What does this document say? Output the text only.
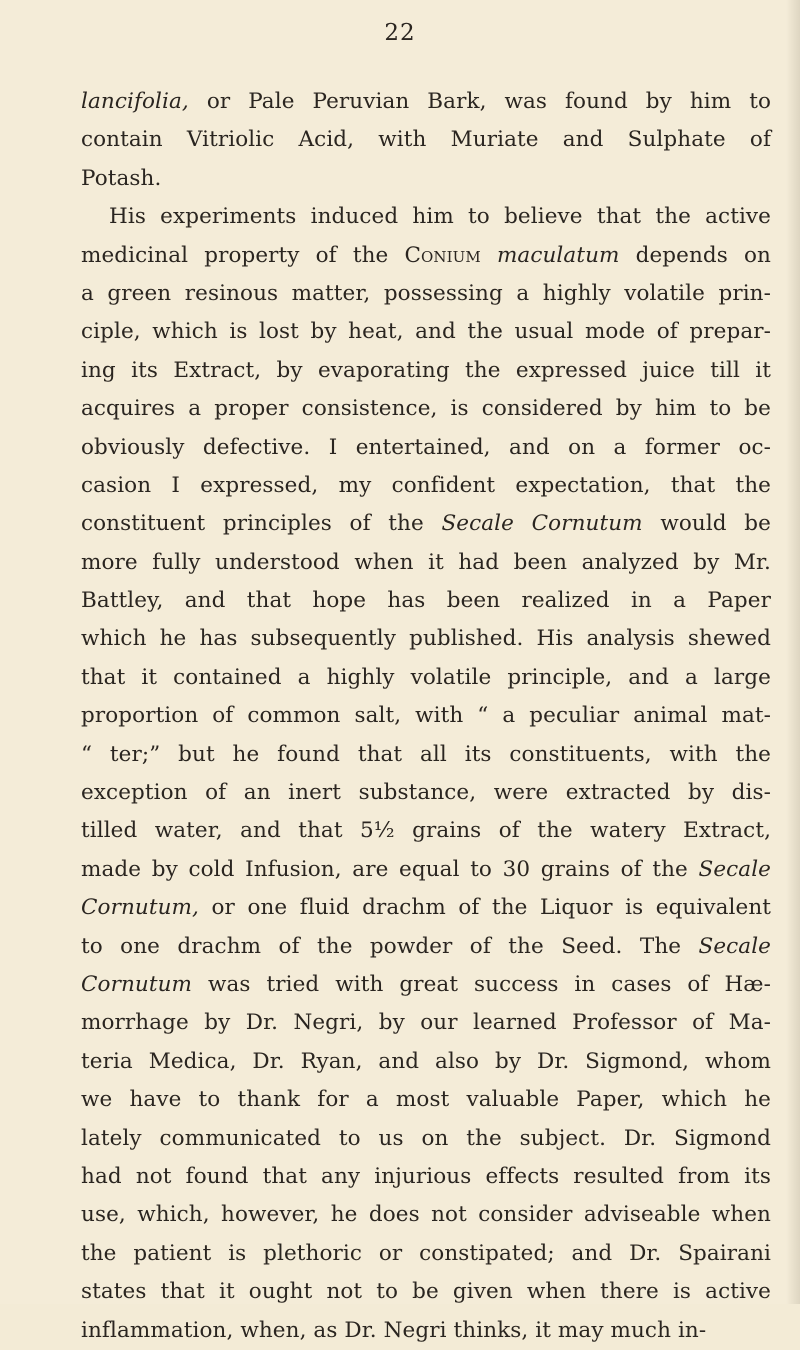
22
lancifolia, or Pale Peruvian Bark, was found by him to
contain Vitriolic Acid, with Muriate and Sulphate of
Potash.
His experiments induced him to believe that the active
medicinal property of the Conium maculatum depends on
a green resinous matter, possessing a highly volatile prin-
ciple, which is lost by heat, and the usual mode of prepar-
ing its Extract, by evaporating the expressed juice till it
acquires a proper consistence, is considered by him to be
obviously defective. I entertained, and on a former oc-
casion I expressed, my confident expectation, that the
constituent principles of the Secale Cornutum would be
more fully understood when it had been analyzed by Mr.
Battley, and that hope has been realized in a Paper
which he has subsequently published. His analysis shewed
that it contained a highly volatile principle, and a large
proportion of common salt, with “ a peculiar animal mat-
“ ter;” but he found that all its constituents, with the
exception of an inert substance, were extracted by dis-
tilled water, and that 5½ grains of the watery Extract,
made by cold Infusion, are equal to 30 grains of the Secale
Cornutum, or one fluid drachm of the Liquor is equivalent
to one drachm of the powder of the Seed. The Secale
Cornutum was tried with great success in cases of Hæ-
morrhage by Dr. Negri, by our learned Professor of Ma-
teria Medica, Dr. Ryan, and also by Dr. Sigmond, whom
we have to thank for a most valuable Paper, which he
lately communicated to us on the subject. Dr. Sigmond
had not found that any injurious effects resulted from its
use, which, however, he does not consider adviseable when
the patient is plethoric or constipated; and Dr. Spairani
states that it ought not to be given when there is active
inflammation, when, as Dr. Negri thinks, it may much in-
